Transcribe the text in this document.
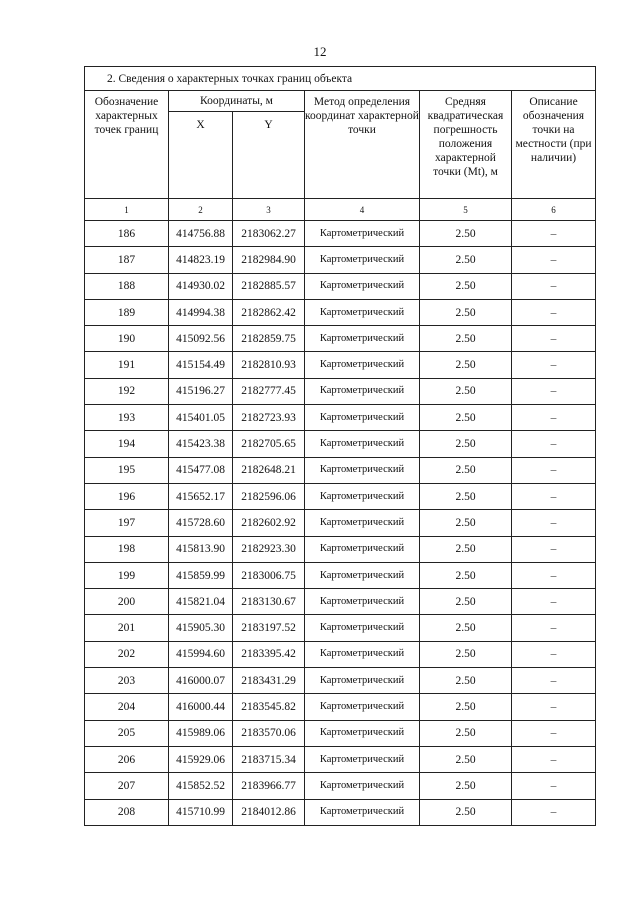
12
2. Сведения о характерных точках границ объекта					
Обозначение характерных точек границ	Координаты, м		Метод определения координат характерной точки	Средняя квадратическая погрешность положения характерной точки (Mt), м	Описание обозначения точки на местности (при наличии)
	X	Y			
1	2	3	4	5	6
186	414756.88	2183062.27	Картометрический	2.50	–
187	414823.19	2182984.90	Картометрический	2.50	–
188	414930.02	2182885.57	Картометрический	2.50	–
189	414994.38	2182862.42	Картометрический	2.50	–
190	415092.56	2182859.75	Картометрический	2.50	–
191	415154.49	2182810.93	Картометрический	2.50	–
192	415196.27	2182777.45	Картометрический	2.50	–
193	415401.05	2182723.93	Картометрический	2.50	–
194	415423.38	2182705.65	Картометрический	2.50	–
195	415477.08	2182648.21	Картометрический	2.50	–
196	415652.17	2182596.06	Картометрический	2.50	–
197	415728.60	2182602.92	Картометрический	2.50	–
198	415813.90	2182923.30	Картометрический	2.50	–
199	415859.99	2183006.75	Картометрический	2.50	–
200	415821.04	2183130.67	Картометрический	2.50	–
201	415905.30	2183197.52	Картометрический	2.50	–
202	415994.60	2183395.42	Картометрический	2.50	–
203	416000.07	2183431.29	Картометрический	2.50	–
204	416000.44	2183545.82	Картометрический	2.50	–
205	415989.06	2183570.06	Картометрический	2.50	–
206	415929.06	2183715.34	Картометрический	2.50	–
207	415852.52	2183966.77	Картометрический	2.50	–
208	415710.99	2184012.86	Картометрический	2.50	–
